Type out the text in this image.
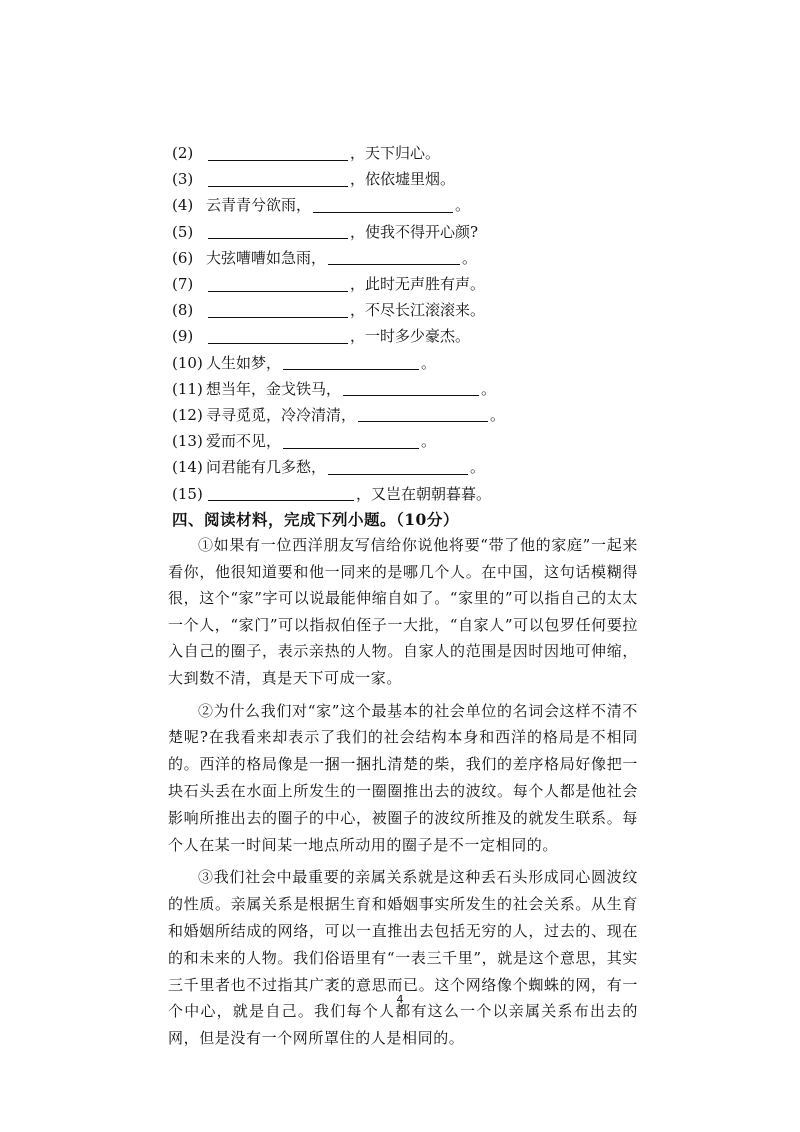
(2)	，天下归心。
(3)	，依依墟里烟。
(4) 云青青兮欲雨，	。
(5)	，使我不得开心颜?
(6) 大弦嘈嘈如急雨，	。
(7)	，此时无声胜有声。
(8)	，不尽长江滚滚来。
(9)	，一时多少豪杰。
(10) 人生如梦，	。
(11) 想当年，金戈铁马，	。
(12) 寻寻觅觅，冷冷清清，	。
(13) 爱而不见，	。
(14) 问君能有几多愁，	。
(15)	，又岂在朝朝暮暮。
四、阅读材料，完成下列小题。（10分）

①如果有一位西洋朋友写信给你说他将要“带了他的家庭”一起来看你，他很知道要和他一同来的是哪几个人。在中国，这句话模糊得很，这个“家”字可以说最能伸缩自如了。“家里的”可以指自己的太太一个人，“家门”可以指叔伯侄子一大批，“自家人”可以包罗任何要拉入自己的圈子，表示亲热的人物。自家人的范围是因时因地可伸缩，大到数不清，真是天下可成一家。

②为什么我们对“家”这个最基本的社会单位的名词会这样不清不楚呢?在我看来却表示了我们的社会结构本身和西洋的格局是不相同的。西洋的格局像是一捆一捆扎清楚的柴，我们的差序格局好像把一块石头丢在水面上所发生的一圈圈推出去的波纹。每个人都是他社会影响所推出去的圈子的中心，被圈子的波纹所推及的就发生联系。每个人在某一时间某一地点所动用的圈子是不一定相同的。

③我们社会中最重要的亲属关系就是这种丢石头形成同心圆波纹的性质。亲属关系是根据生育和婚姻事实所发生的社会关系。从生育和婚姻所结成的网络，可以一直推出去包括无穷的人，过去的、现在的和未来的人物。我们俗语里有“一表三千里”，就是这个意思，其实三千里者也不过指其广袤的意思而已。这个网络像个蜘蛛的网，有一个中心，就是自己。我们每个人都有这么一个以亲属关系布出去的网，但是没有一个网所罩住的人是相同的。

4
